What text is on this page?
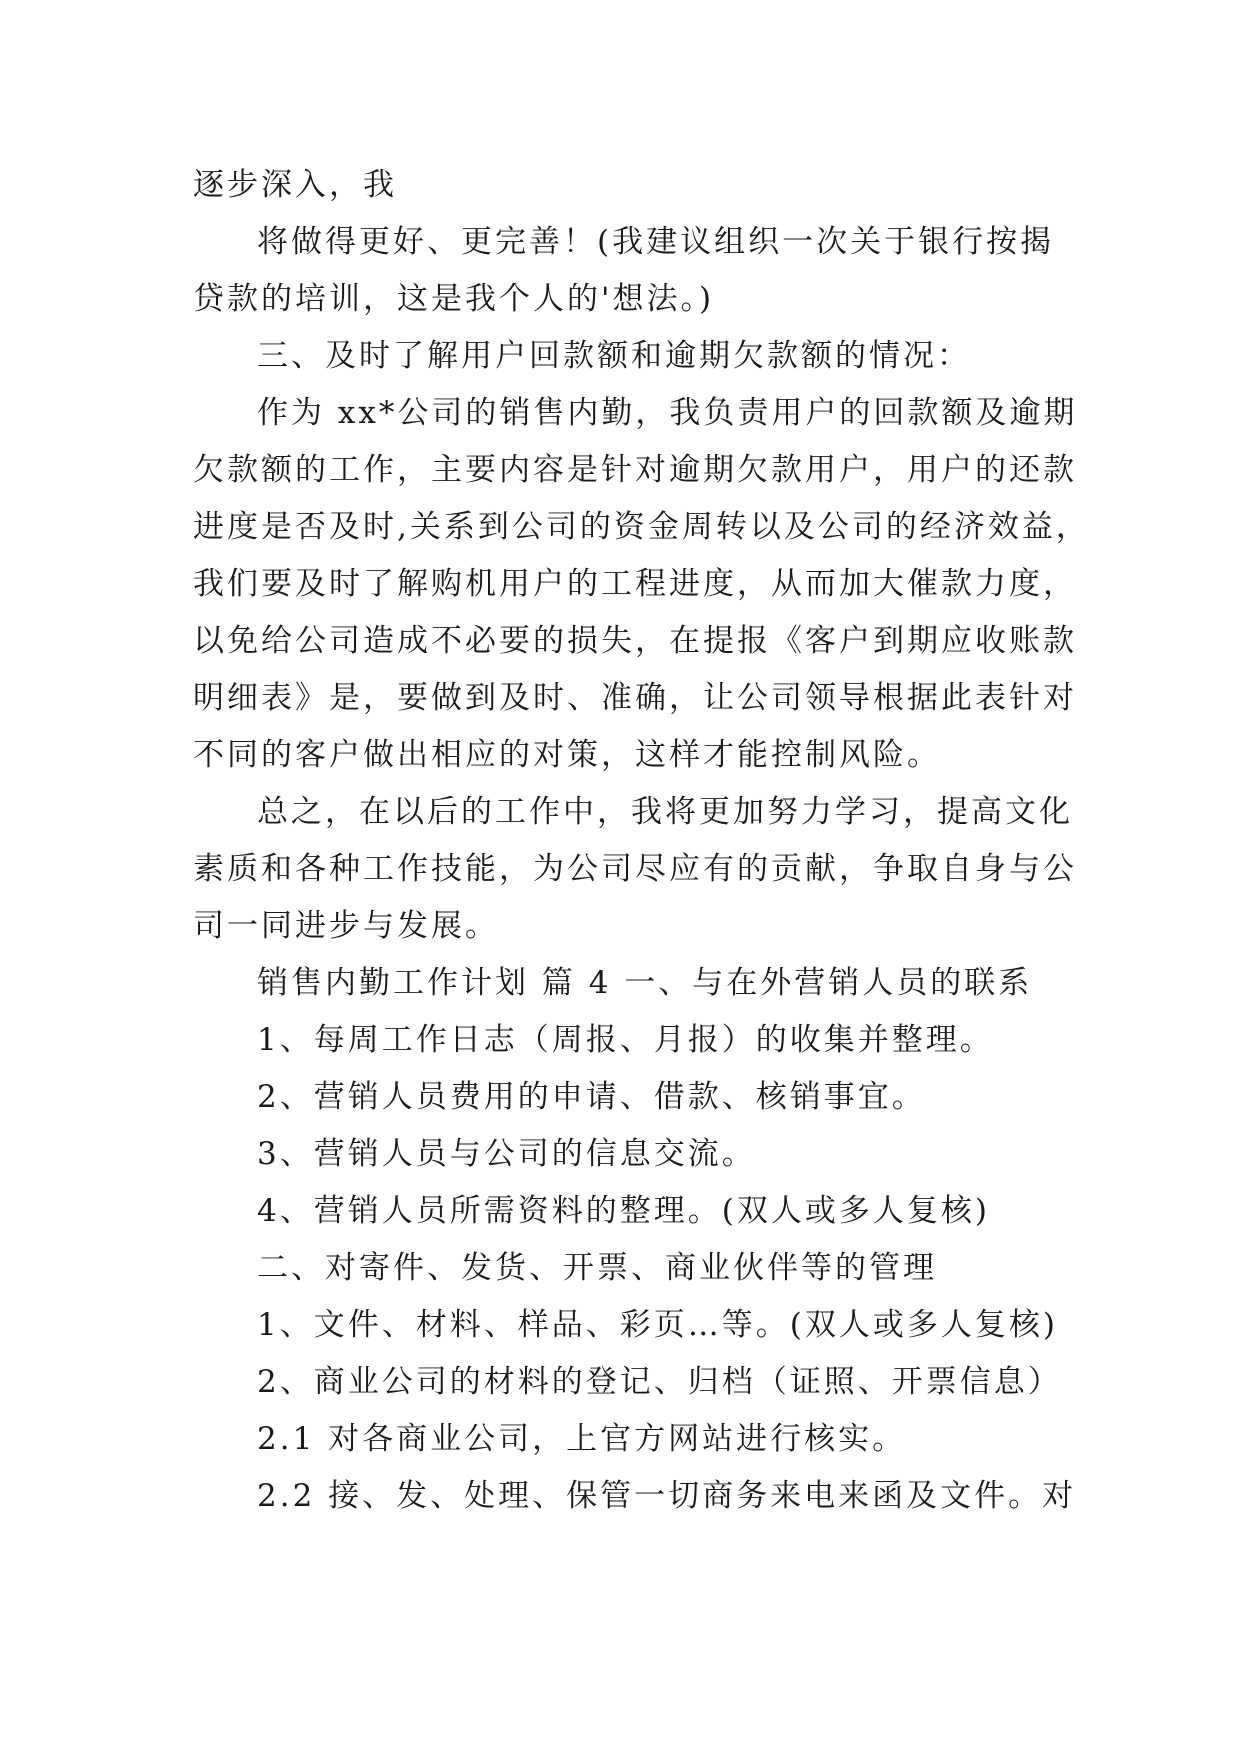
逐步深入，我
将做得更好、更完善！(我建议组织一次关于银行按揭
贷款的培训，这是我个人的'想法。)
三、及时了解用户回款额和逾期欠款额的情况：
作为 xx*公司的销售内勤，我负责用户的回款额及逾期
欠款额的工作，主要内容是针对逾期欠款用户，用户的还款
进度是否及时,关系到公司的资金周转以及公司的经济效益，
我们要及时了解购机用户的工程进度，从而加大催款力度，
以免给公司造成不必要的损失，在提报《客户到期应收账款
明细表》是，要做到及时、准确，让公司领导根据此表针对
不同的客户做出相应的对策，这样才能控制风险。
总之，在以后的工作中，我将更加努力学习，提高文化
素质和各种工作技能，为公司尽应有的贡献，争取自身与公
司一同进步与发展。
销售内勤工作计划 篇 4 一、与在外营销人员的联系
1、每周工作日志（周报、月报）的收集并整理。
2、营销人员费用的申请、借款、核销事宜。
3、营销人员与公司的信息交流。
4、营销人员所需资料的整理。(双人或多人复核)
二、对寄件、发货、开票、商业伙伴等的管理
1、文件、材料、样品、彩页…等。(双人或多人复核)
2、商业公司的材料的登记、归档（证照、开票信息）
2.1 对各商业公司，上官方网站进行核实。
2.2 接、发、处理、保管一切商务来电来函及文件。对
